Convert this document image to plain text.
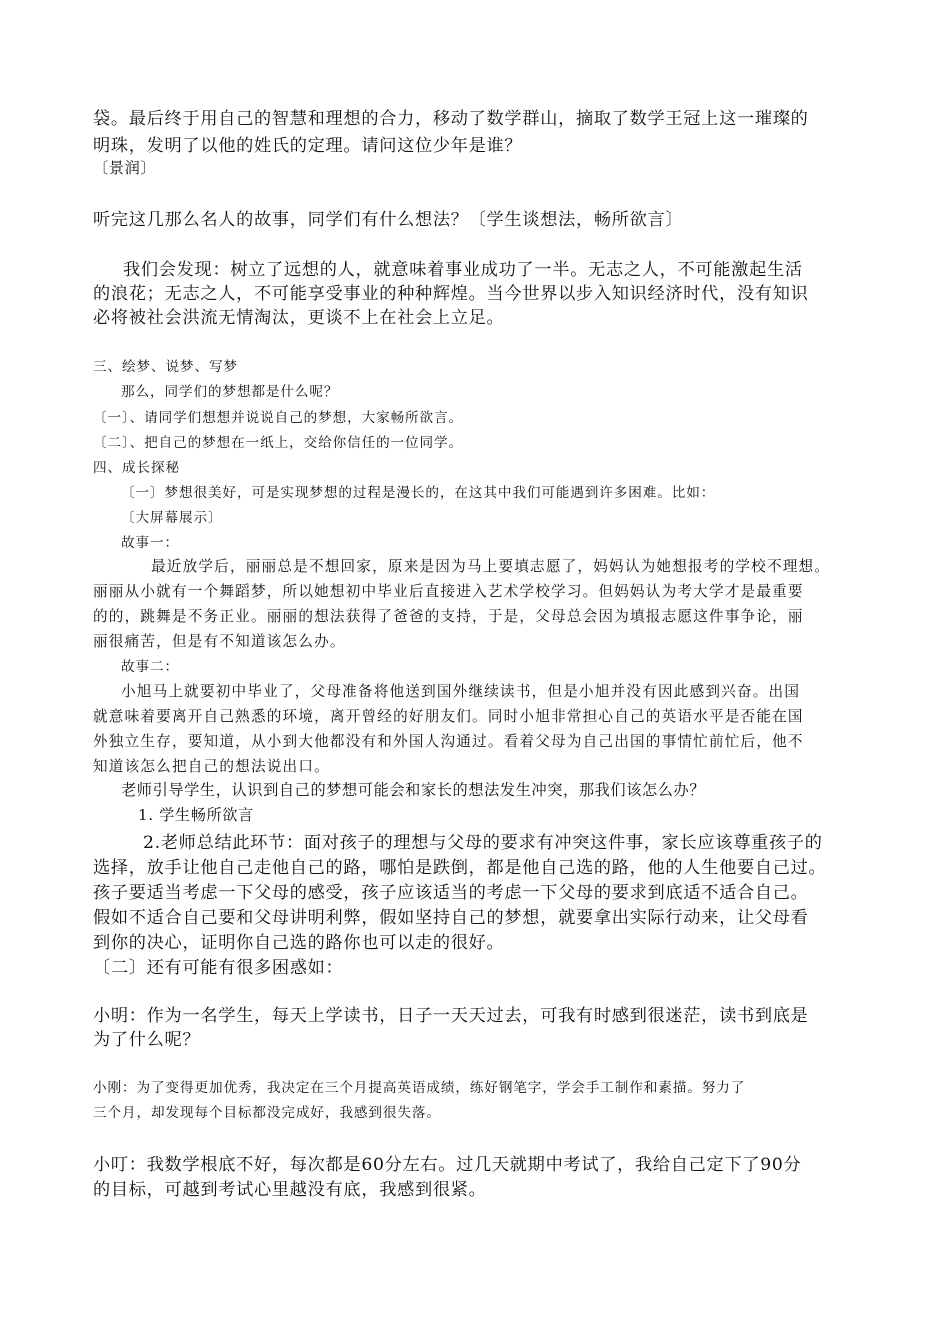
袋。最后终于用自己的智慧和理想的合力，移动了数学群山，摘取了数学王冠上这一璀璨的
明珠，发明了以他的姓氏的定理。请问这位少年是谁？
〔景润〕
听完这几那么名人的故事，同学们有什么想法？〔学生谈想法，畅所欲言〕
我们会发现：树立了远想的人，就意味着事业成功了一半。无志之人，不可能激起生活
的浪花；无志之人，不可能享受事业的种种辉煌。当今世界以步入知识经济时代，没有知识
必将被社会洪流无情淘汰，更谈不上在社会上立足。
三、绘梦、说梦、写梦
那么，同学们的梦想都是什么呢？
〔一〕、请同学们想想并说说自己的梦想，大家畅所欲言。
〔二〕、把自己的梦想在一纸上，交给你信任的一位同学。
四、成长探秘
〔一〕梦想很美好，可是实现梦想的过程是漫长的，在这其中我们可能遇到许多困难。比如：
〔大屏幕展示〕
故事一：
最近放学后，丽丽总是不想回家，原来是因为马上要填志愿了，妈妈认为她想报考的学校不理想。
丽丽从小就有一个舞蹈梦，所以她想初中毕业后直接进入艺术学校学习。但妈妈认为考大学才是最重要
的的，跳舞是不务正业。丽丽的想法获得了爸爸的支持，于是，父母总会因为填报志愿这件事争论，丽
丽很痛苦，但是有不知道该怎么办。
故事二：
小旭马上就要初中毕业了，父母准备将他送到国外继续读书，但是小旭并没有因此感到兴奋。出国
就意味着要离开自己熟悉的环境，离开曾经的好朋友们。同时小旭非常担心自己的英语水平是否能在国
外独立生存，要知道，从小到大他都没有和外国人沟通过。看着父母为自己出国的事情忙前忙后，他不
知道该怎么把自己的想法说出口。
老师引导学生，认识到自己的梦想可能会和家长的想法发生冲突，那我们该怎么办？
1. 学生畅所欲言
2.老师总结此环节：面对孩子的理想与父母的要求有冲突这件事，家长应该尊重孩子的
选择，放手让他自己走他自己的路，哪怕是跌倒，都是他自己选的路，他的人生他要自己过。
孩子要适当考虑一下父母的感受，孩子应该适当的考虑一下父母的要求到底适不适合自己。
假如不适合自己要和父母讲明利弊，假如坚持自己的梦想，就要拿出实际行动来，让父母看
到你的决心，证明你自己选的路你也可以走的很好。
〔二〕还有可能有很多困惑如：
小明：作为一名学生，每天上学读书，日子一天天过去，可我有时感到很迷茫，读书到底是
为了什么呢？
小刚：为了变得更加优秀，我决定在三个月提高英语成绩，练好钢笔字，学会手工制作和素描。努力了
三个月，却发现每个目标都没完成好，我感到很失落。
小叮：我数学根底不好，每次都是60分左右。过几天就期中考试了，我给自己定下了90分
的目标，可越到考试心里越没有底，我感到很紧。
